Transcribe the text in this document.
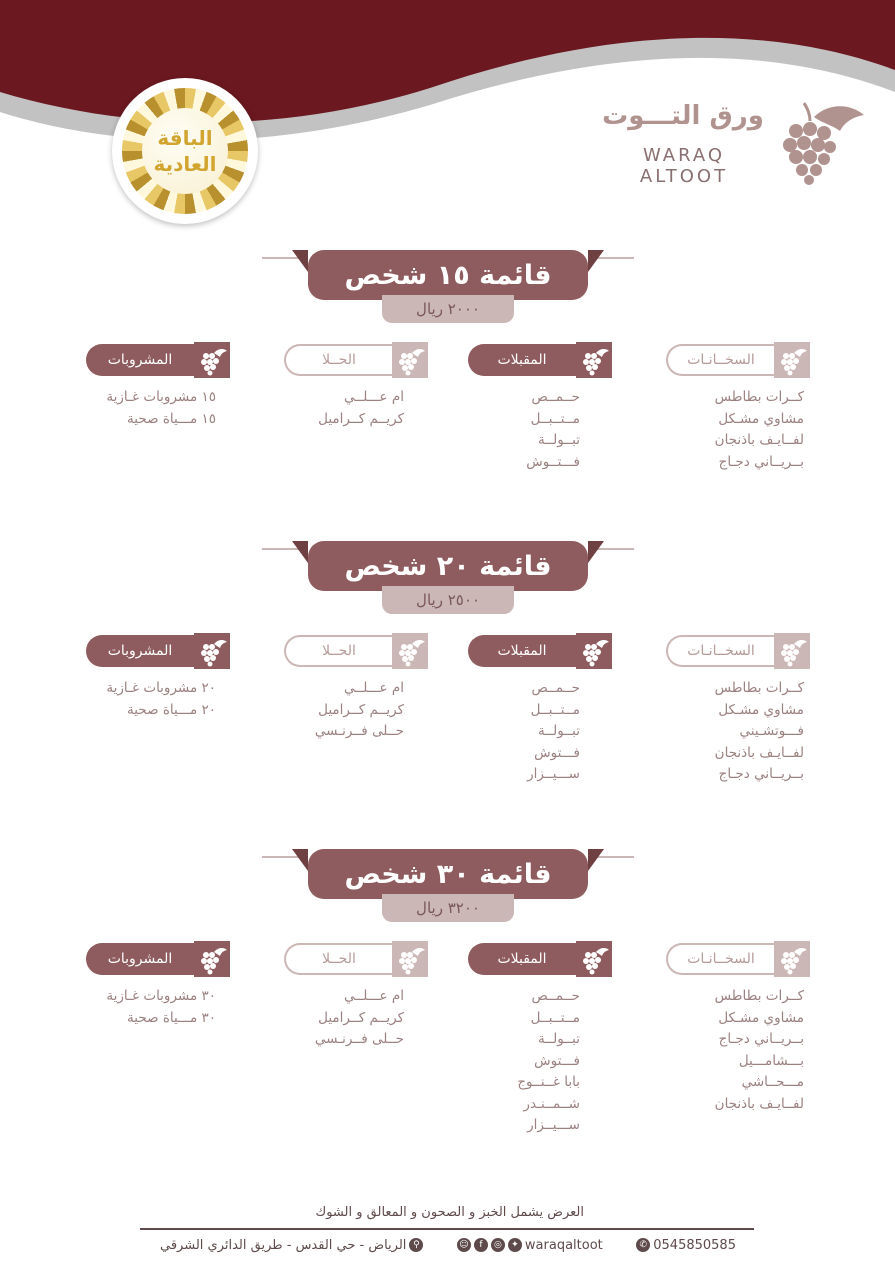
الباقة
العادية
ورق التـــوت
WARAQ ALTOOT
قائمة ١٥ شخص
٢٠٠٠ ريال
السخــانـات
كــرات بطاطس
مشاوي مشـكل
لفــايـف باذنجان
بــريــاني دجـاج
المقبلات
حــمــص
مــتــبــل
تبــولــة
فـــتــوش
الحــلا
ام عـــلــي
كريــم كــراميل
المشروبات
١٥ مشروبات غـازية
١٥ مـــياة صحية
قائمة ٢٠ شخص
٢٥٠٠ ريال
السخــانـات
كــرات بطاطس
مشاوي مشـكل
فـــوتشـيني
لفــايـف باذنجان
بــريــاني دجـاج
المقبلات
حــمــص
مــتــبــل
تبــولــة
فـــتوش
ســـيــزار
الحــلا
ام عـــلــي
كريــم كــراميل
حــلى فــرنـسي
المشروبات
٢٠ مشروبات غـازية
٢٠ مـــياة صحية
قائمة ٣٠ شخص
٣٢٠٠ ريال
السخــانـات
كــرات بطاطس
مشاوي مشـكل
بــريــاني دجـاج
بـــشامـــيل
مـــحــاشي
لفــايـف باذنجان
المقبلات
حــمــص
مــتــبــل
تبــولــة
فـــتوش
بابا غــنــوج
شــمــنـدر
ســـيــزار
الحــلا
ام عـــلــي
كريــم كــراميل
حــلى فــرنـسي
المشروبات
٣٠ مشروبات غـازية
٣٠ مـــياة صحية
العرض يشمل الخبز و الصحون و المعالق و الشوك
الرياض - حي القدس - طريق الدائري الشرقي ⚲	☺	f	◎	✦ waraqaltoot	✆ 0545850585
